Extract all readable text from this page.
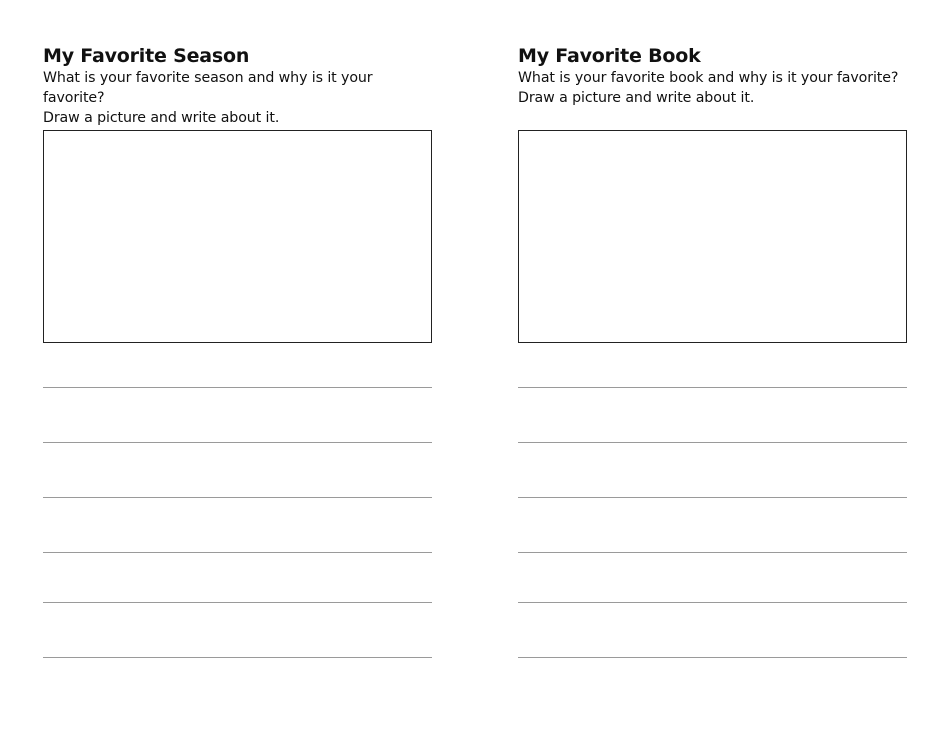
My Favorite Season

What is your favorite season and why is it your favorite?

Draw a picture and write about it.

My Favorite Book

What is your favorite book and why is it your favorite?

Draw a picture and write about it.
